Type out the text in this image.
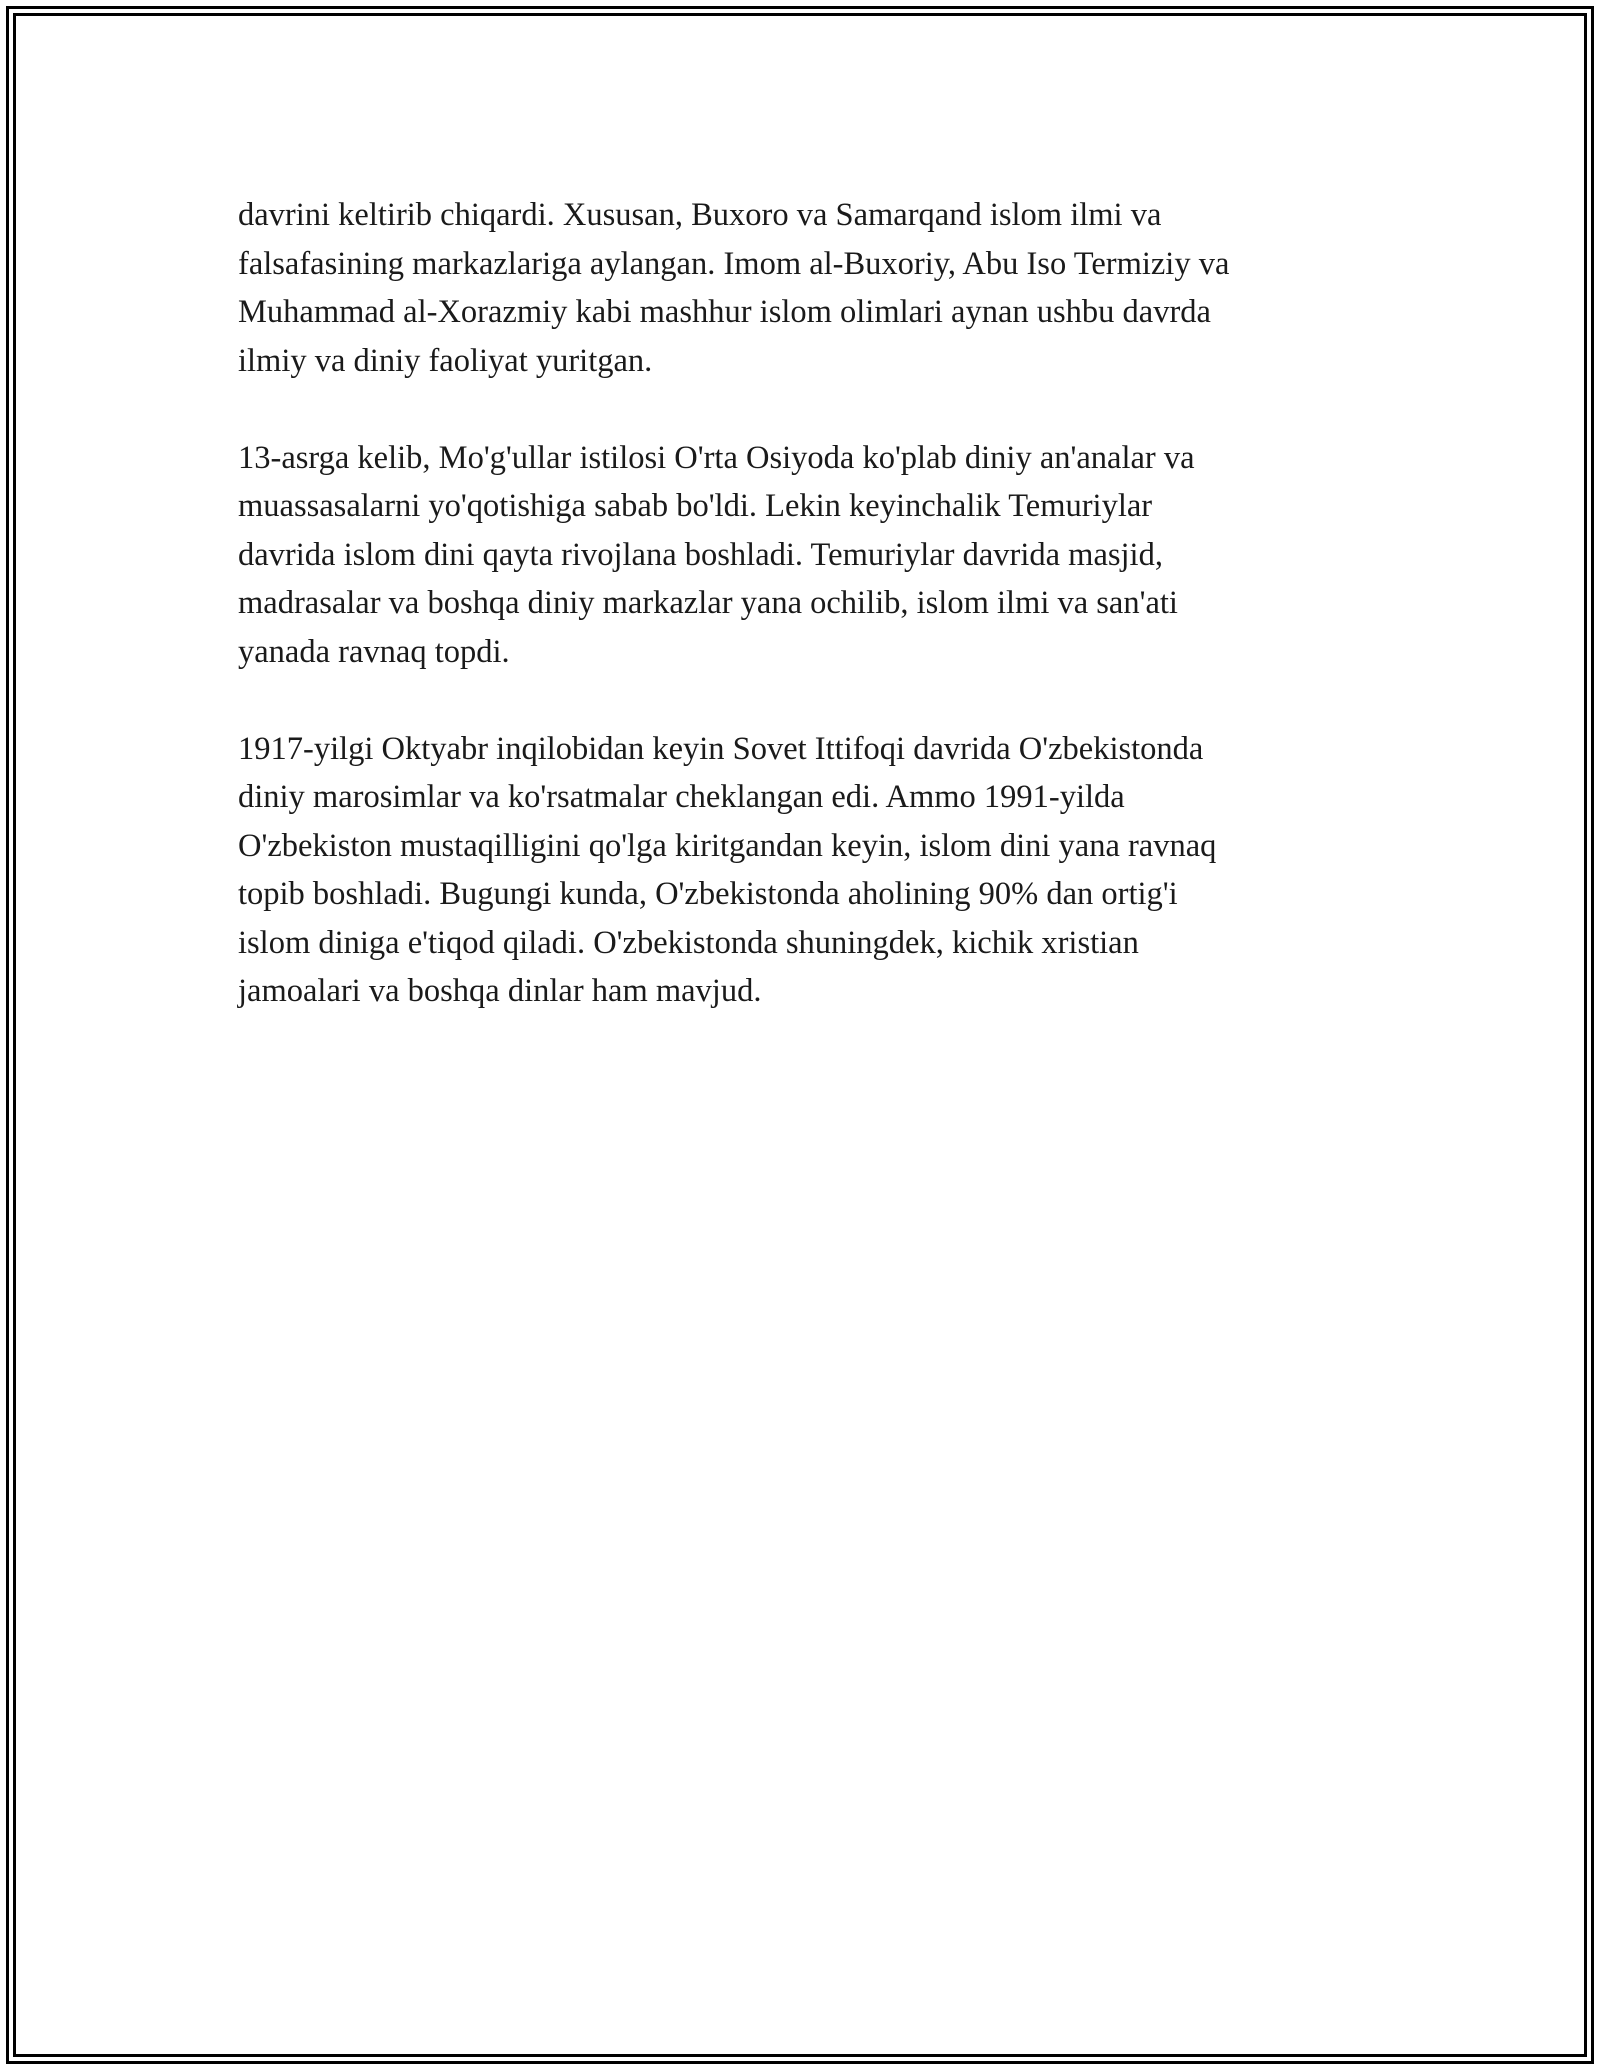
davrini keltirib chiqardi. Xususan, Buxoro va Samarqand islom ilmi va
falsafasining markazlariga aylangan. Imom al-Buxoriy, Abu Iso Termiziy va
Muhammad al-Xorazmiy kabi mashhur islom olimlari aynan ushbu davrda
ilmiy va diniy faoliyat yuritgan.

13-asrga kelib, Mo'g'ullar istilosi O'rta Osiyoda ko'plab diniy an'analar va
muassasalarni yo'qotishiga sabab bo'ldi. Lekin keyinchalik Temuriylar
davrida islom dini qayta rivojlana boshladi. Temuriylar davrida masjid,
madrasalar va boshqa diniy markazlar yana ochilib, islom ilmi va san'ati
yanada ravnaq topdi.

1917-yilgi Oktyabr inqilobidan keyin Sovet Ittifoqi davrida O'zbekistonda
diniy marosimlar va ko'rsatmalar cheklangan edi. Ammo 1991-yilda
O'zbekiston mustaqilligini qo'lga kiritgandan keyin, islom dini yana ravnaq
topib boshladi. Bugungi kunda, O'zbekistonda aholining 90% dan ortig'i
islom diniga e'tiqod qiladi. O'zbekistonda shuningdek, kichik xristian
jamoalari va boshqa dinlar ham mavjud.
